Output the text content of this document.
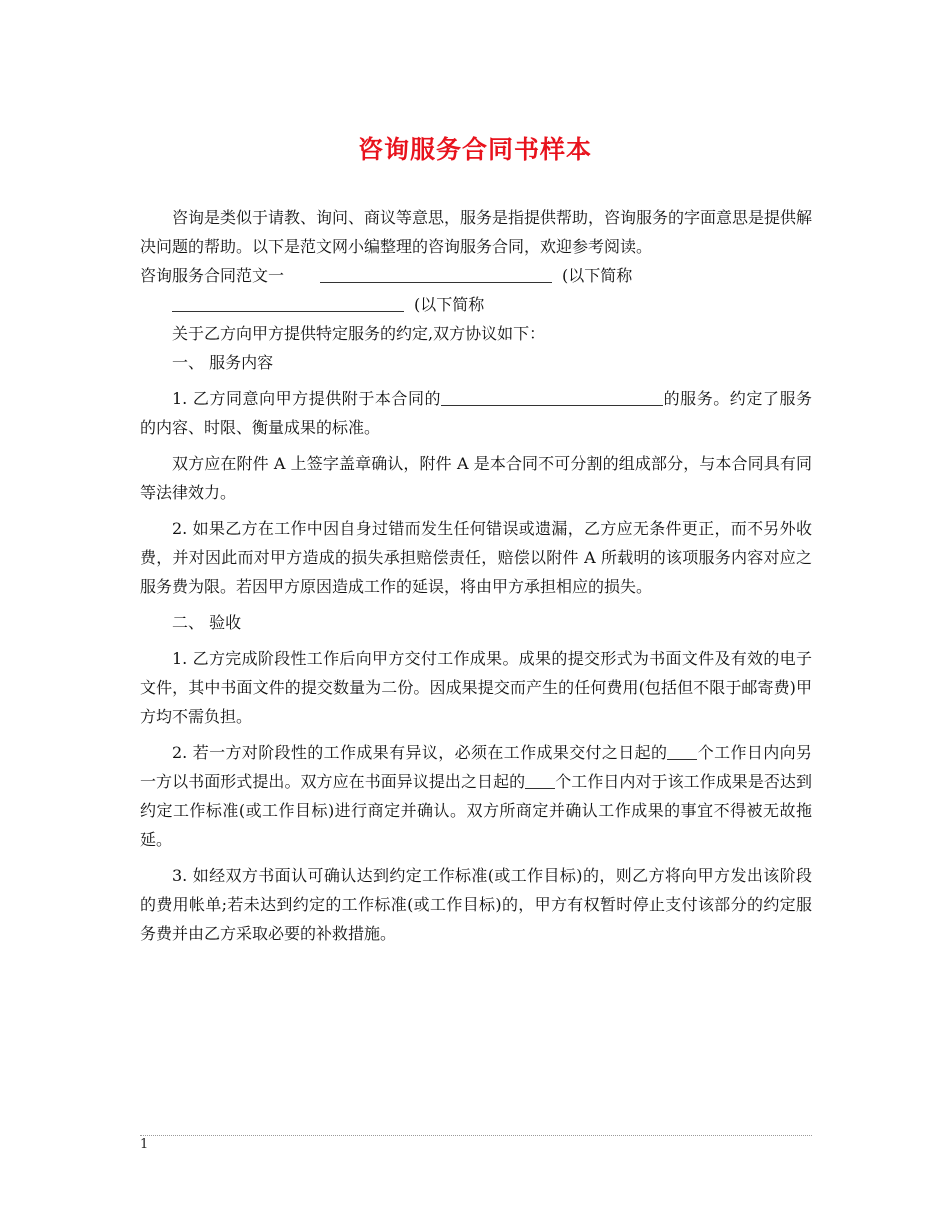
咨询服务合同书样本

咨询是类似于请教、询问、商议等意思，服务是指提供帮助，咨询服务的字面意思是提供解决问题的帮助。以下是范文网小编整理的咨询服务合同，欢迎参考阅读。

咨询服务合同范文一	(以下简称

(以下简称

关于乙方向甲方提供特定服务的约定,双方协议如下：

一、 服务内容

1. 乙方同意向甲方提供附于本合同的	的服务。约定了服务的内容、时限、衡量成果的标准。

双方应在附件 A 上签字盖章确认，附件 A 是本合同不可分割的组成部分，与本合同具有同等法律效力。

2. 如果乙方在工作中因自身过错而发生任何错误或遗漏，乙方应无条件更正，而不另外收费，并对因此而对甲方造成的损失承担赔偿责任，赔偿以附件 A 所载明的该项服务内容对应之服务费为限。若因甲方原因造成工作的延误，将由甲方承担相应的损失。

二、 验收

1. 乙方完成阶段性工作后向甲方交付工作成果。成果的提交形式为书面文件及有效的电子文件，其中书面文件的提交数量为二份。因成果提交而产生的任何费用(包括但不限于邮寄费)甲方均不需负担。

2. 若一方对阶段性的工作成果有异议，必须在工作成果交付之日起的 个工作日内向另一方以书面形式提出。双方应在书面异议提出之日起的 个工作日内对于该工作成果是否达到约定工作标准(或工作目标)进行商定并确认。双方所商定并确认工作成果的事宜不得被无故拖延。

3. 如经双方书面认可确认达到约定工作标准(或工作目标)的，则乙方将向甲方发出该阶段的费用帐单;若未达到约定的工作标准(或工作目标)的，甲方有权暂时停止支付该部分的约定服务费并由乙方采取必要的补救措施。

1
